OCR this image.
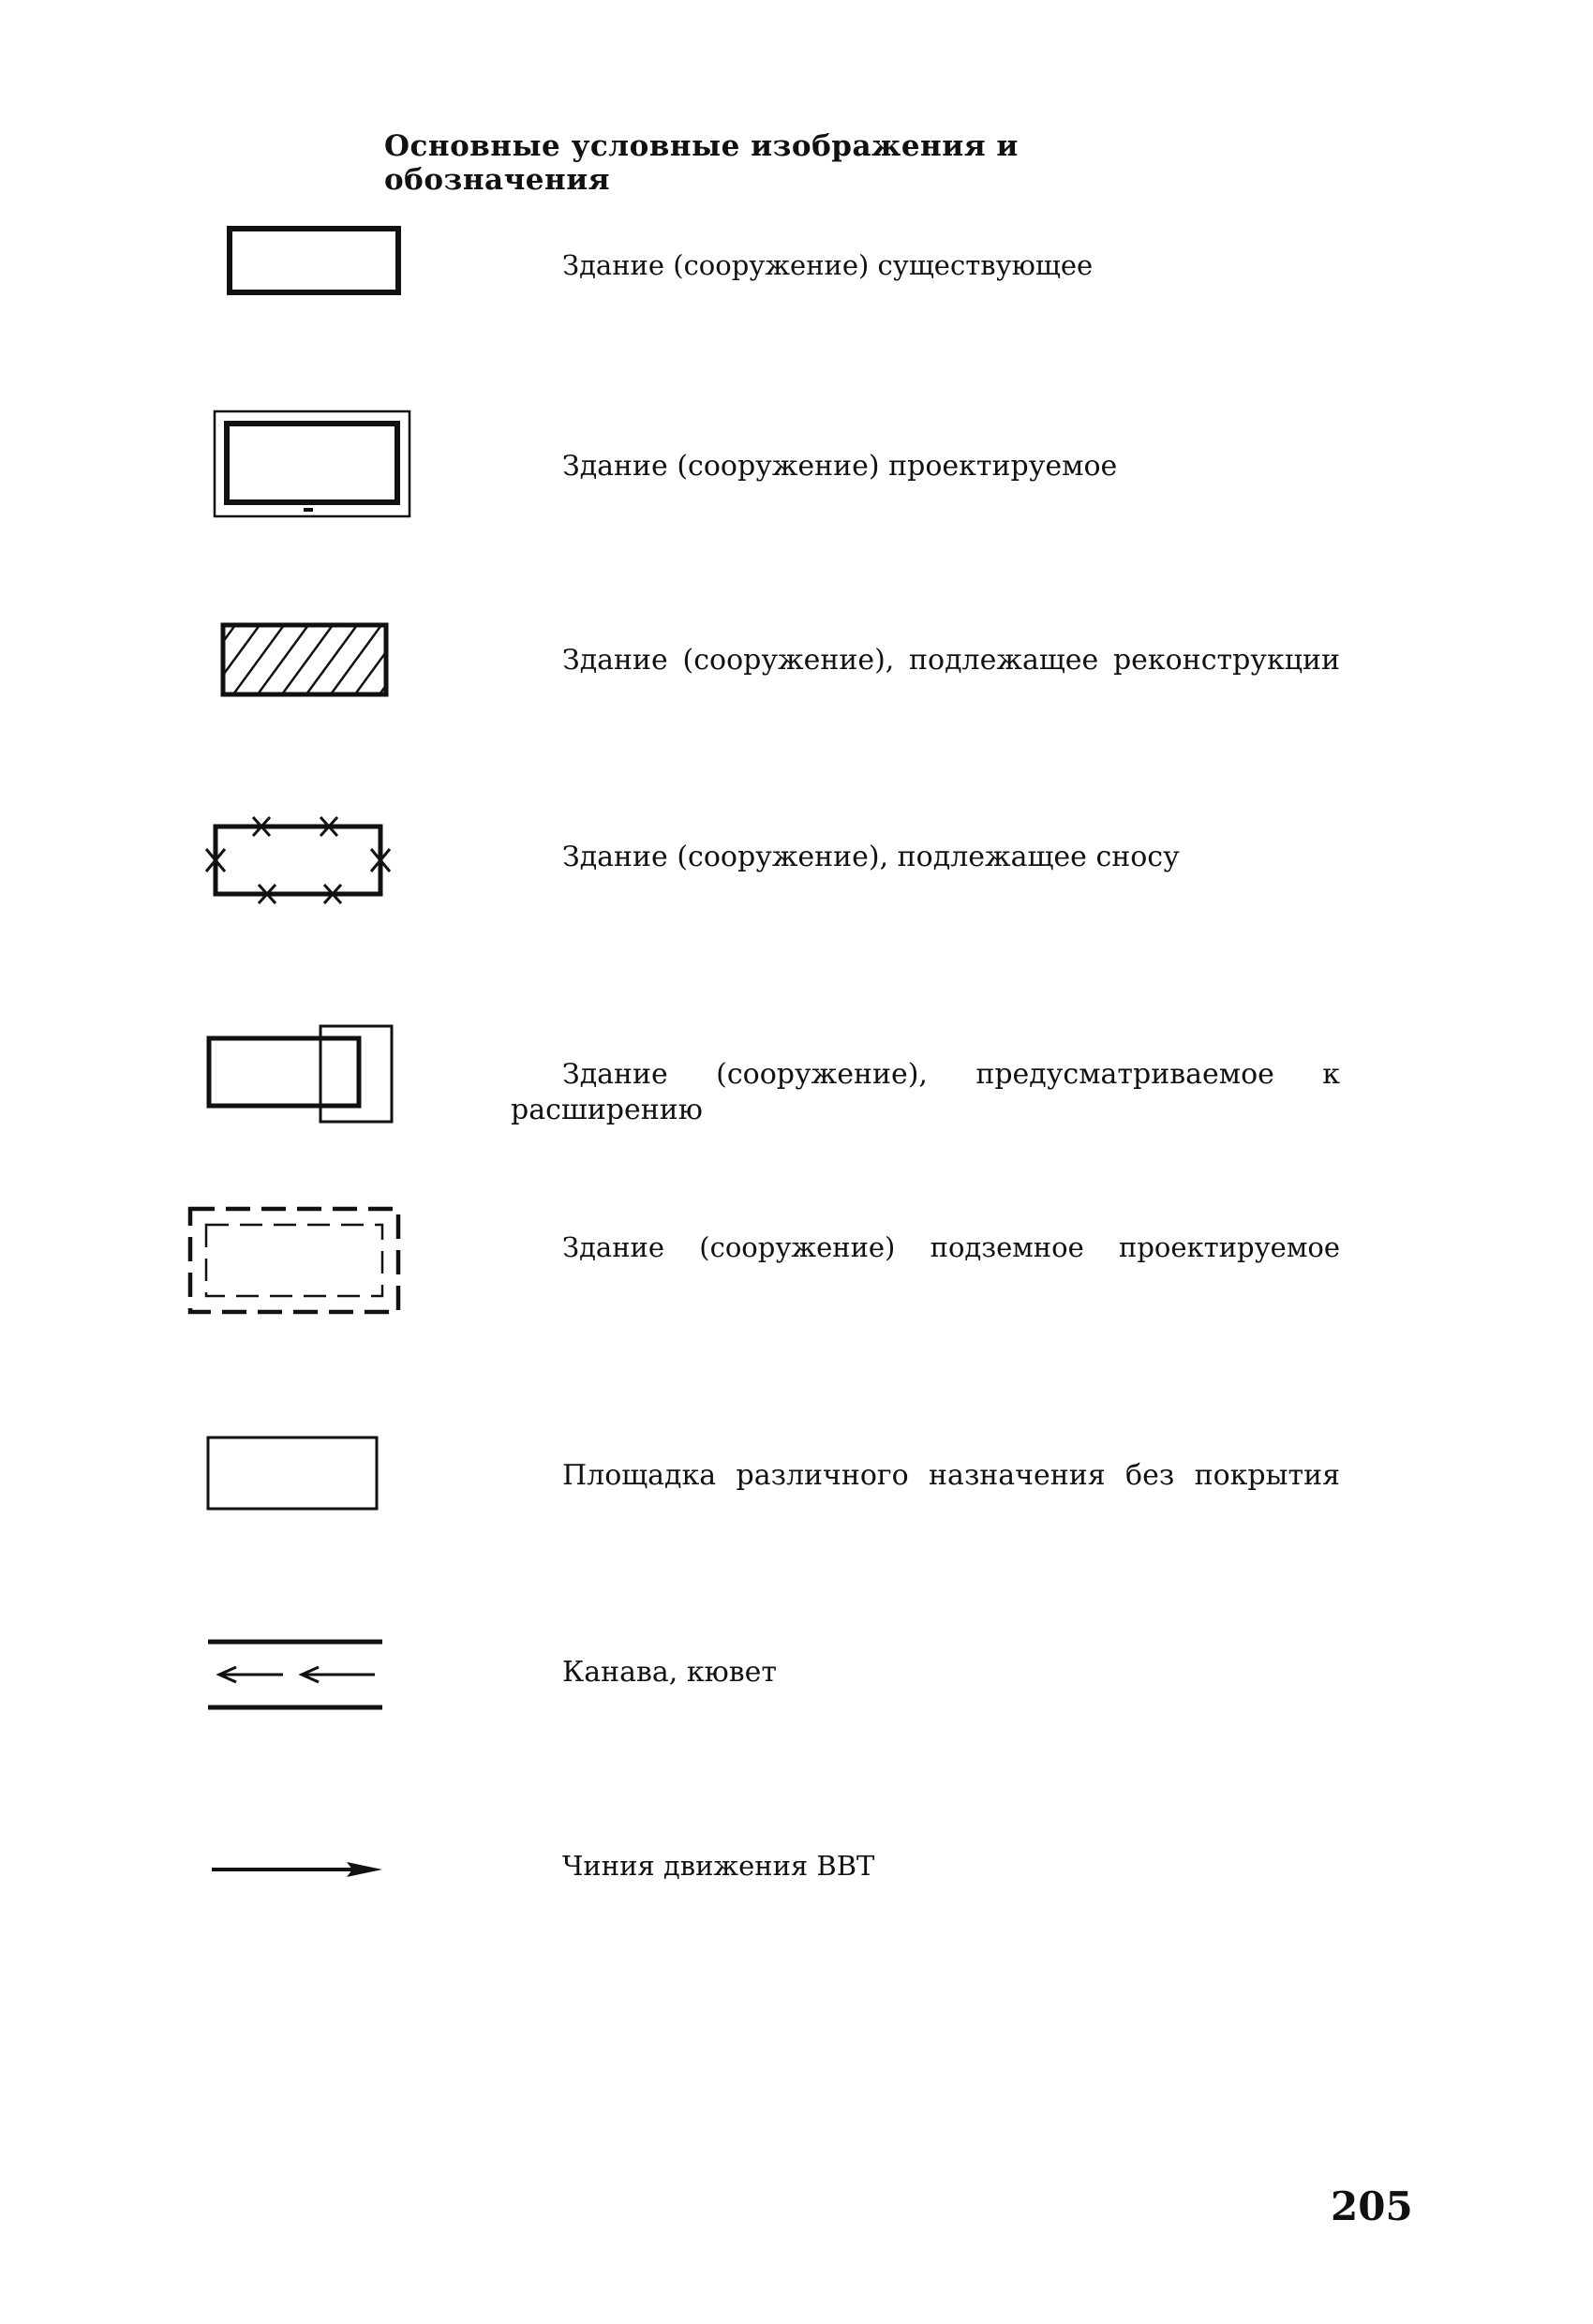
Основные условные изображения и обозначения
Здание (сооружение) существующее
Здание (сооружение) проектируемое
Здание (сооружение), подлежащее реконструкции
Здание (сооружение), подлежащее сносу
Здание (сооружение), предусматриваемое к расширению
Здание (сооружение) подземное проектируемое
Площадка различного назначения без покрытия
Канава, кювет
Чиния движения ВВТ
205
